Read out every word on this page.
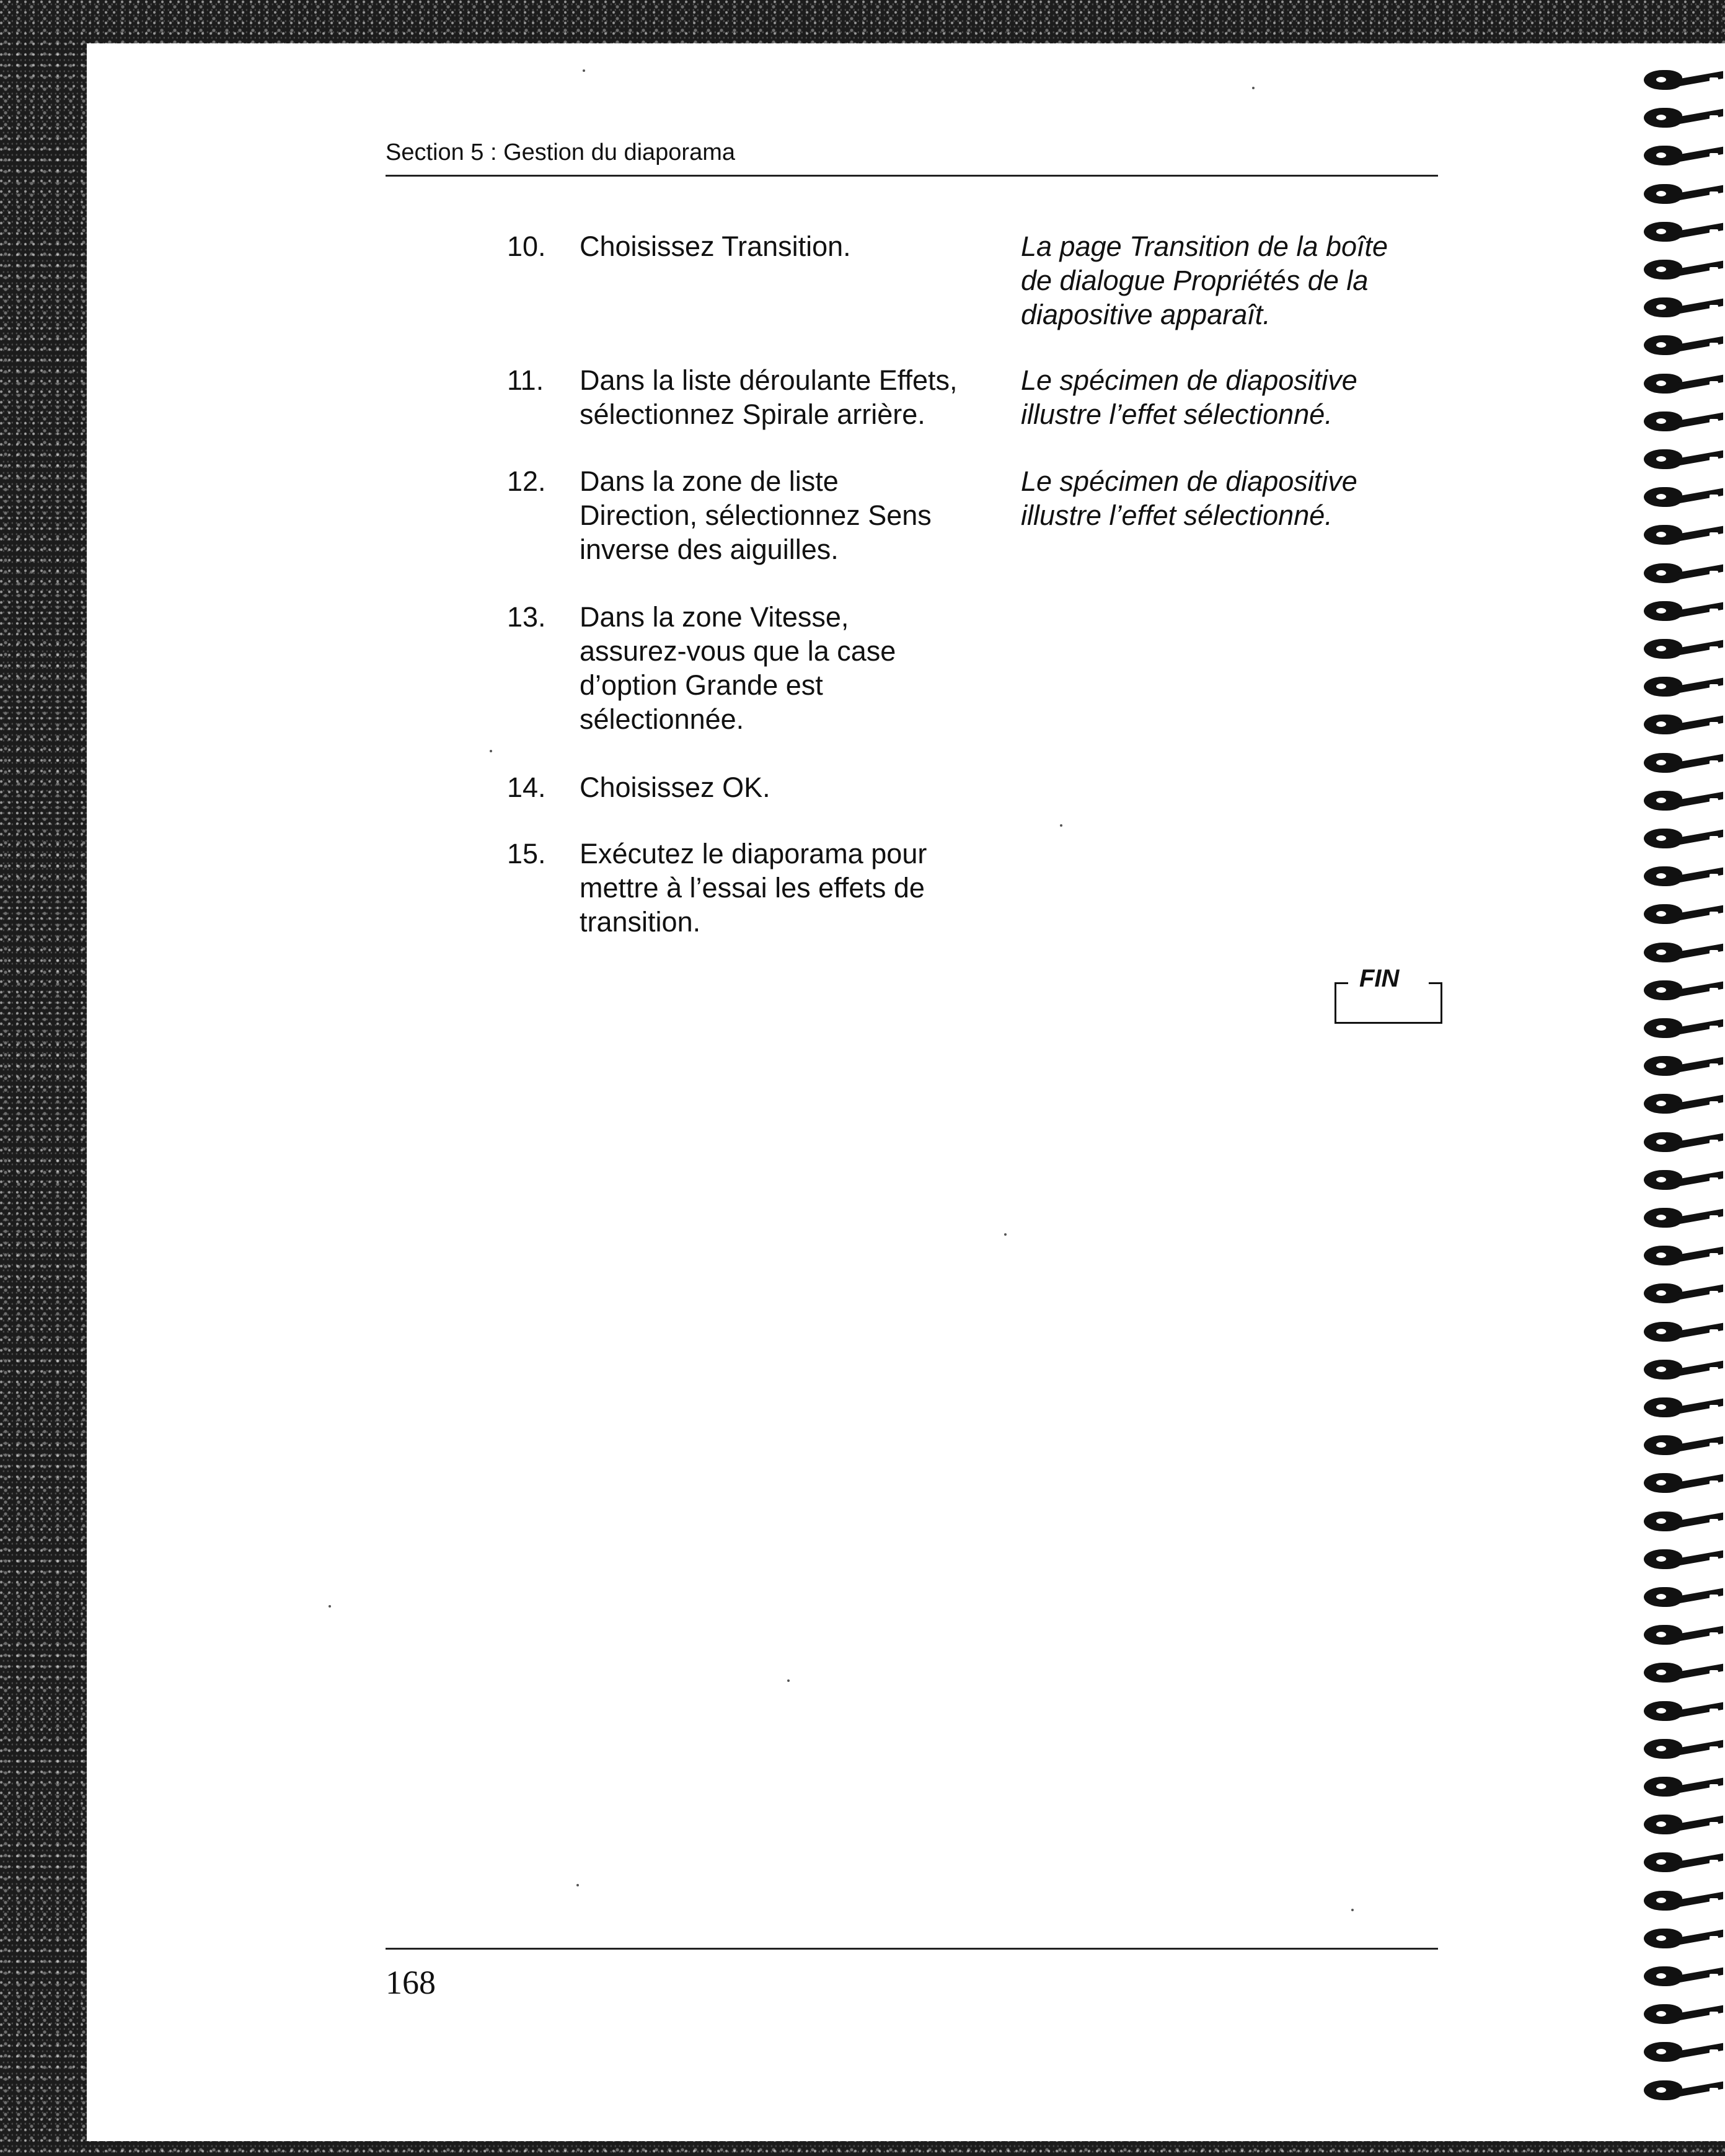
Section 5 : Gestion du diaporama
10. Choisissez Transition.	La page Transition de la boîte
de dialogue Propriétés de la
diapositive apparaît.
11. Dans la liste déroulante Effets,
sélectionnez Spirale arrière.
Le spécimen de diapositive
illustre l’effet sélectionné.
12. Dans la zone de liste
Direction, sélectionnez Sens
inverse des aiguilles.
Le spécimen de diapositive
illustre l’effet sélectionné.
13. Dans la zone Vitesse,
assurez-vous que la case
d’option Grande est
sélectionnée.
14. Choisissez OK.
15. Exécutez le diaporama pour
mettre à l’essai les effets de
transition.
FIN
168
